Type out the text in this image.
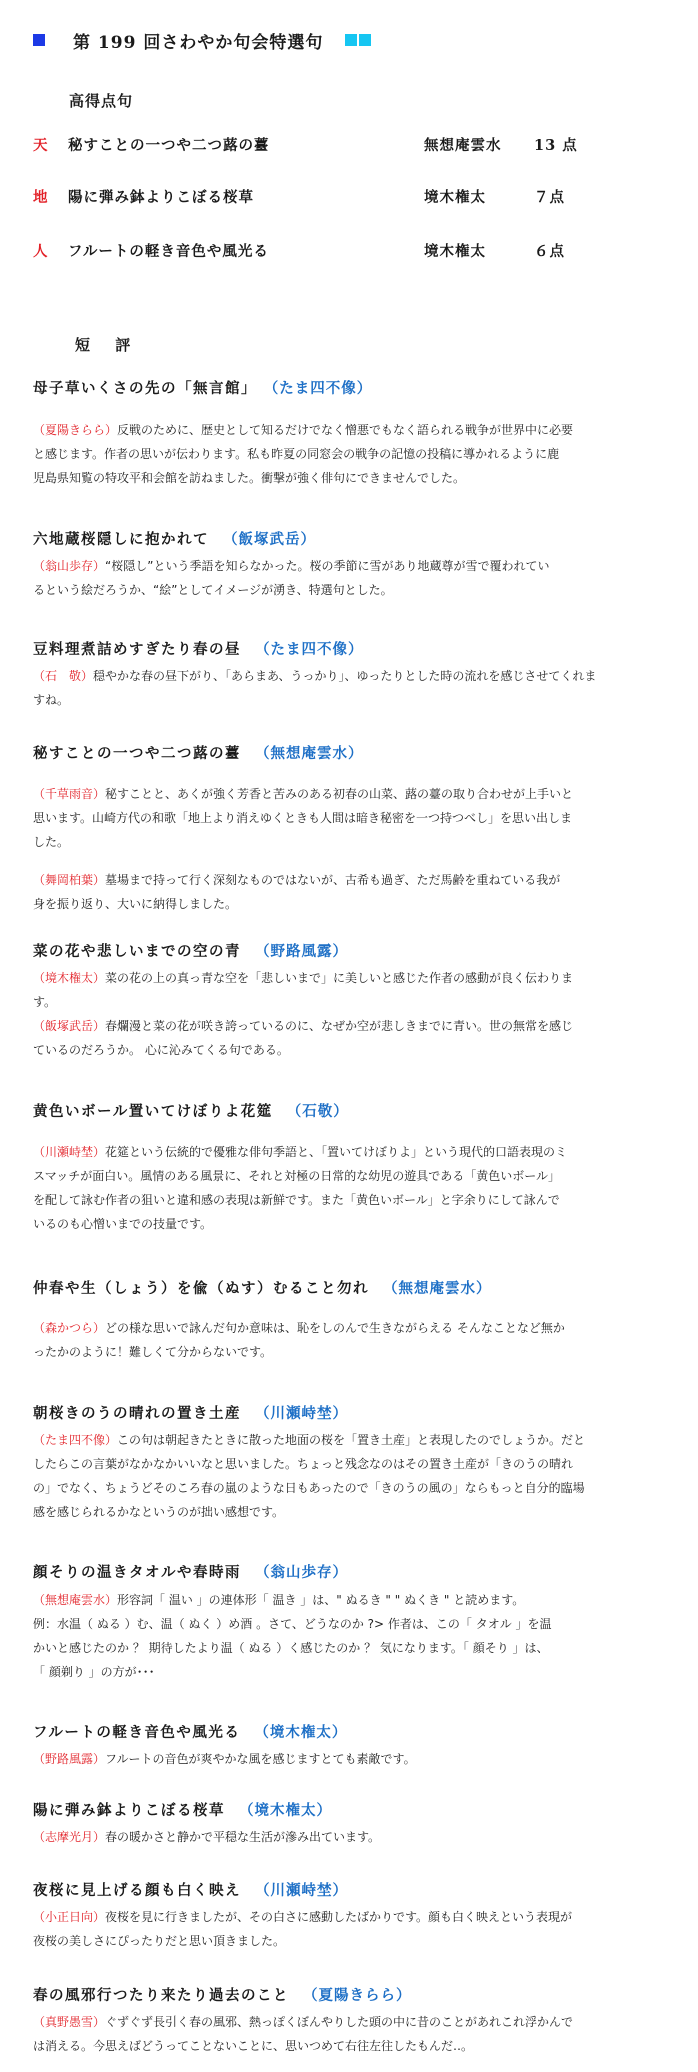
第 199 回さわやか句会特選句
高得点句
天 秘すことの一つや二つ蕗の薹	無想庵雲水 13 点
地 陽に弾み鉢よりこぼる桜草	境木権太	７点
人 フルートの軽き音色や風光る	境木権太	６点
短 評
母子草いくさの先の「無言館」 （たま四不像）
（夏陽きらら）反戦のために、歴史として知るだけでなく憎悪でもなく語られる戦争が世界中に必要
と感じます。作者の思いが伝わります。私も昨夏の同窓会の戦争の記憶の投稿に導かれるように鹿
児島県知覧の特攻平和会館を訪ねました。衝撃が強く俳句にできませんでした。
六地蔵桜隠しに抱かれて （飯塚武岳）
（翁山歩存）“桜隠し”という季語を知らなかった。桜の季節に雪があり地蔵尊が雪で覆われてい
るという絵だろうか、“絵”としてイメージが湧き、特選句とした。
豆料理煮詰めすぎたり春の昼 （たま四不像）
（石　敬）穏やかな春の昼下がり、「あらまあ、うっかり」、ゆったりとした時の流れを感じさせてくれま
すね。
秘すことの一つや二つ蕗の薹 （無想庵雲水）
（千草雨音）秘すことと、あくが強く芳香と苦みのある初春の山菜、蕗の薹の取り合わせが上手いと
思います。山崎方代の和歌「地上より消えゆくときも人間は暗き秘密を一つ持つべし」を思い出しま
した。
（舞岡柏葉）墓場まで持って行く深刻なものではないが、古希も過ぎ、ただ馬齢を重ねている我が
身を振り返り、大いに納得しました。
菜の花や悲しいまでの空の青 （野路風露）
（境木権太）菜の花の上の真っ青な空を「悲しいまで」に美しいと感じた作者の感動が良く伝わりま
す。
（飯塚武岳）春爛漫と菜の花が咲き誇っているのに、なぜか空が悲しきまでに青い。世の無常を感じ
ているのだろうか。 心に沁みてくる句である。
黄色いボール置いてけぼりよ花筵 （石敬）
（川瀬峙埜）花筵という伝統的で優雅な俳句季語と、「置いてけぼりよ」という現代的口語表現のミ
スマッチが面白い。風情のある風景に、それと対極の日常的な幼児の遊具である「黄色いボール」
を配して詠む作者の狙いと違和感の表現は新鮮です。また「黄色いボール」と字余りにして詠んで
いるのも心憎いまでの技量です。
仲春や生（しょう）を偸（ぬす）むること勿れ （無想庵雲水）
（森かつら）どの様な思いで詠んだ句か意味は、恥をしのんで生きながらえる そんなことなど無か
ったかのように！難しくて分からないです。
朝桜きのうの晴れの置き土産 （川瀬峙埜）
（たま四不像）この句は朝起きたときに散った地面の桜を「置き土産」と表現したのでしょうか。だと
したらこの言葉がなかなかいいなと思いました。ちょっと残念なのはその置き土産が「きのうの晴れ
の」でなく、ちょうどそのころ春の嵐のような日もあったので「きのうの風の」ならもっと自分的臨場
感を感じられるかなというのが拙い感想です。
顔そりの温きタオルや春時雨 （翁山歩存）
（無想庵雲水）形容詞「 温い 」の連体形「 温き 」は、" ぬるき " " ぬくき " と読めます。
例：水温（ ぬる ）む、温（ ぬく ）め酒 。さて、どうなのか ?> 作者は、この「 タオル 」を温
かいと感じたのか ？ 期待したより温（ ぬる ）く感じたのか ？ 気になります。「 顔そり 」は、
「 顔剃り 」の方が･･･
フルートの軽き音色や風光る （境木権太）
（野路風露）フルートの音色が爽やかな風を感じますとても素敵です。
陽に弾み鉢よりこぼる桜草 （境木権太）
（志摩光月）春の暖かさと静かで平穏な生活が滲み出ています。
夜桜に見上げる顔も白く映え （川瀬峙埜）
（小正日向）夜桜を見に行きましたが、その白さに感動したばかりです。顔も白く映えという表現が
夜桜の美しさにぴったりだと思い頂きました。
春の風邪行つたり来たり過去のこと （夏陽きらら）
（真野愚雪）ぐずぐず長引く春の風邪、熱っぽくぼんやりした頭の中に昔のことがあれこれ浮かんで
は消える。今思えばどうってことないことに、思いつめて右往左往したもんだ‥。
